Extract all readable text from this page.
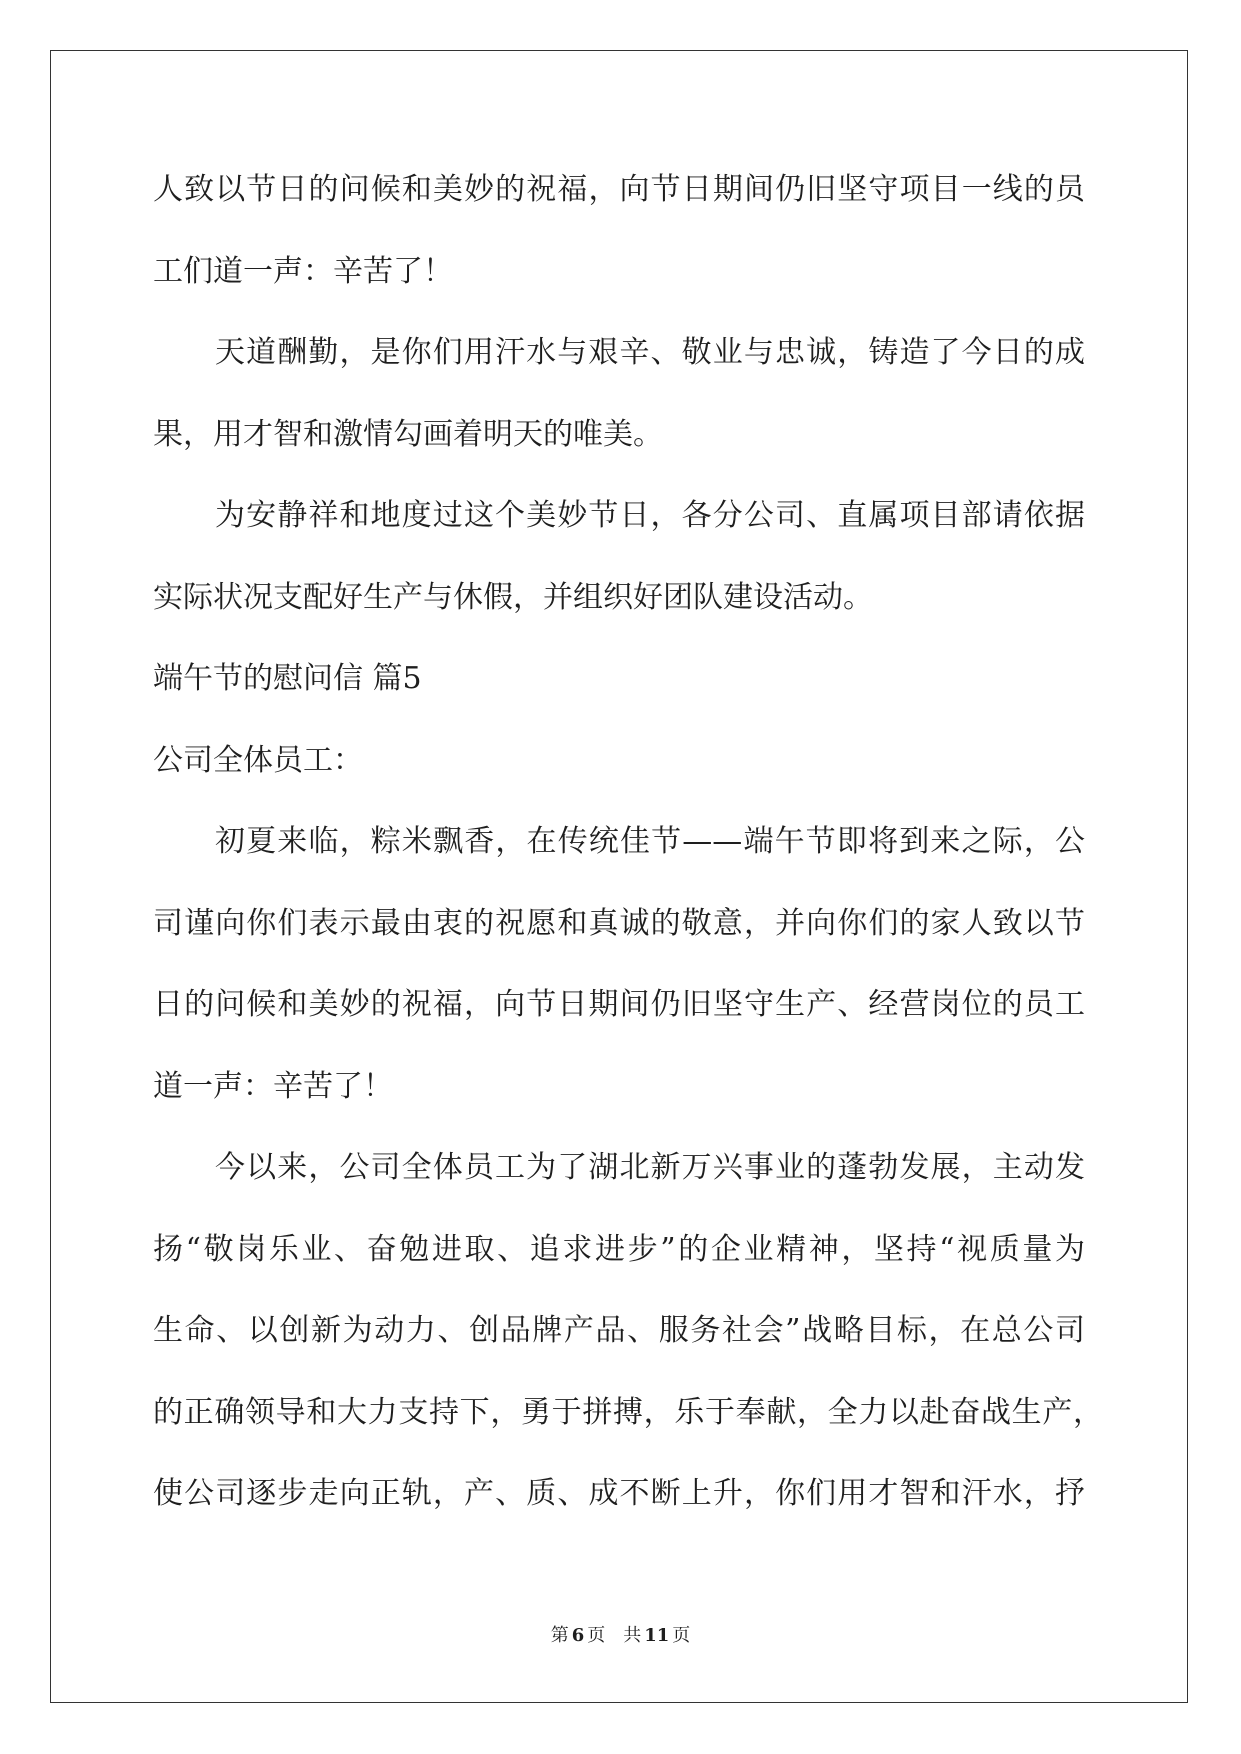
人致以节日的问候和美妙的祝福，向节日期间仍旧坚守项目一线的员
工们道一声：辛苦了！
天道酬勤，是你们用汗水与艰辛、敬业与忠诚，铸造了今日的成
果，用才智和激情勾画着明天的唯美。
为安静祥和地度过这个美妙节日，各分公司、直属项目部请依据
实际状况支配好生产与休假，并组织好团队建设活动。
端午节的慰问信 篇5
公司全体员工：
初夏来临，粽米飘香，在传统佳节——端午节即将到来之际，公
司谨向你们表示最由衷的祝愿和真诚的敬意，并向你们的家人致以节
日的问候和美妙的祝福，向节日期间仍旧坚守生产、经营岗位的员工
道一声：辛苦了！
今以来，公司全体员工为了湖北新万兴事业的蓬勃发展，主动发
扬“敬岗乐业、奋勉进取、追求进步”的企业精神，坚持“视质量为
生命、以创新为动力、创品牌产品、服务社会”战略目标，在总公司
的正确领导和大力支持下，勇于拼搏，乐于奉献，全力以赴奋战生产，
使公司逐步走向正轨，产、质、成不断上升，你们用才智和汗水，抒
第 6 页 共 11 页
